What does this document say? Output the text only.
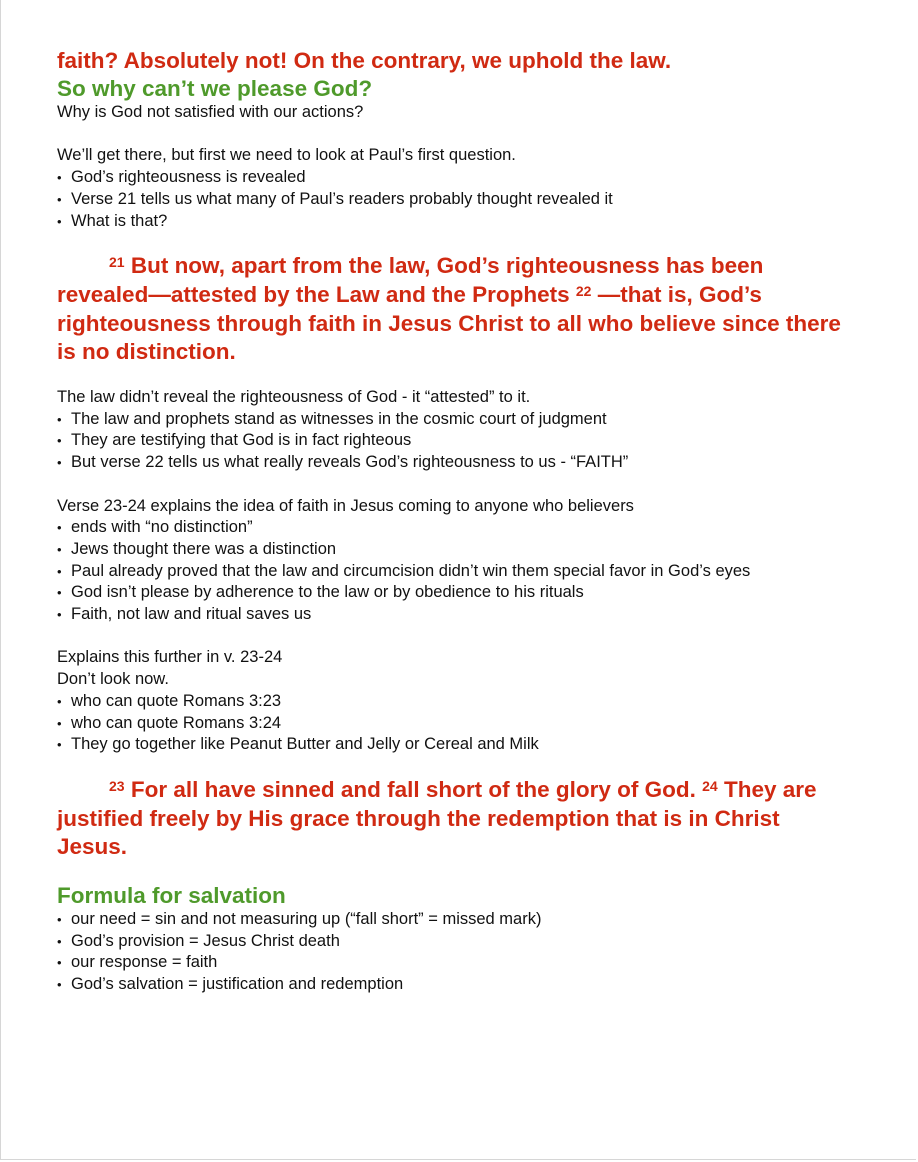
faith? Absolutely not! On the contrary, we uphold the law.

So why can’t we please God?

Why is God not satisfied with our actions?

We’ll get there, but first we need to look at Paul’s first question.

• God’s righteousness is revealed
• Verse 21 tells us what many of Paul’s readers probably thought revealed it
• What is that?

$^{21}$ But now, apart from the law, God’s righteousness has been revealed—attested by the Law and the Prophets $^{22}$ —that is, God’s righteousness through faith in Jesus Christ to all who believe since there is no distinction.

The law didn’t reveal the righteousness of God - it “attested” to it.

• The law and prophets stand as witnesses in the cosmic court of judgment
• They are testifying that God is in fact righteous
• But verse 22 tells us what really reveals God’s righteousness to us - “FAITH”

Verse 23-24 explains the idea of faith in Jesus coming to anyone who believers

• ends with “no distinction”
• Jews thought there was a distinction
• Paul already proved that the law and circumcision didn’t win them special favor in God’s eyes
• God isn’t please by adherence to the law or by obedience to his rituals
• Faith, not law and ritual saves us

Explains this further in v. 23-24

Don’t look now.

• who can quote Romans 3:23
• who can quote Romans 3:24
• They go together like Peanut Butter and Jelly or Cereal and Milk

$^{23}$ For all have sinned and fall short of the glory of God. $^{24}$ They are justified freely by His grace through the redemption that is in Christ Jesus.

Formula for salvation
• our need = sin and not measuring up (“fall short” = missed mark)
• God’s provision = Jesus Christ death
• our response = faith
• God’s salvation = justification and redemption
